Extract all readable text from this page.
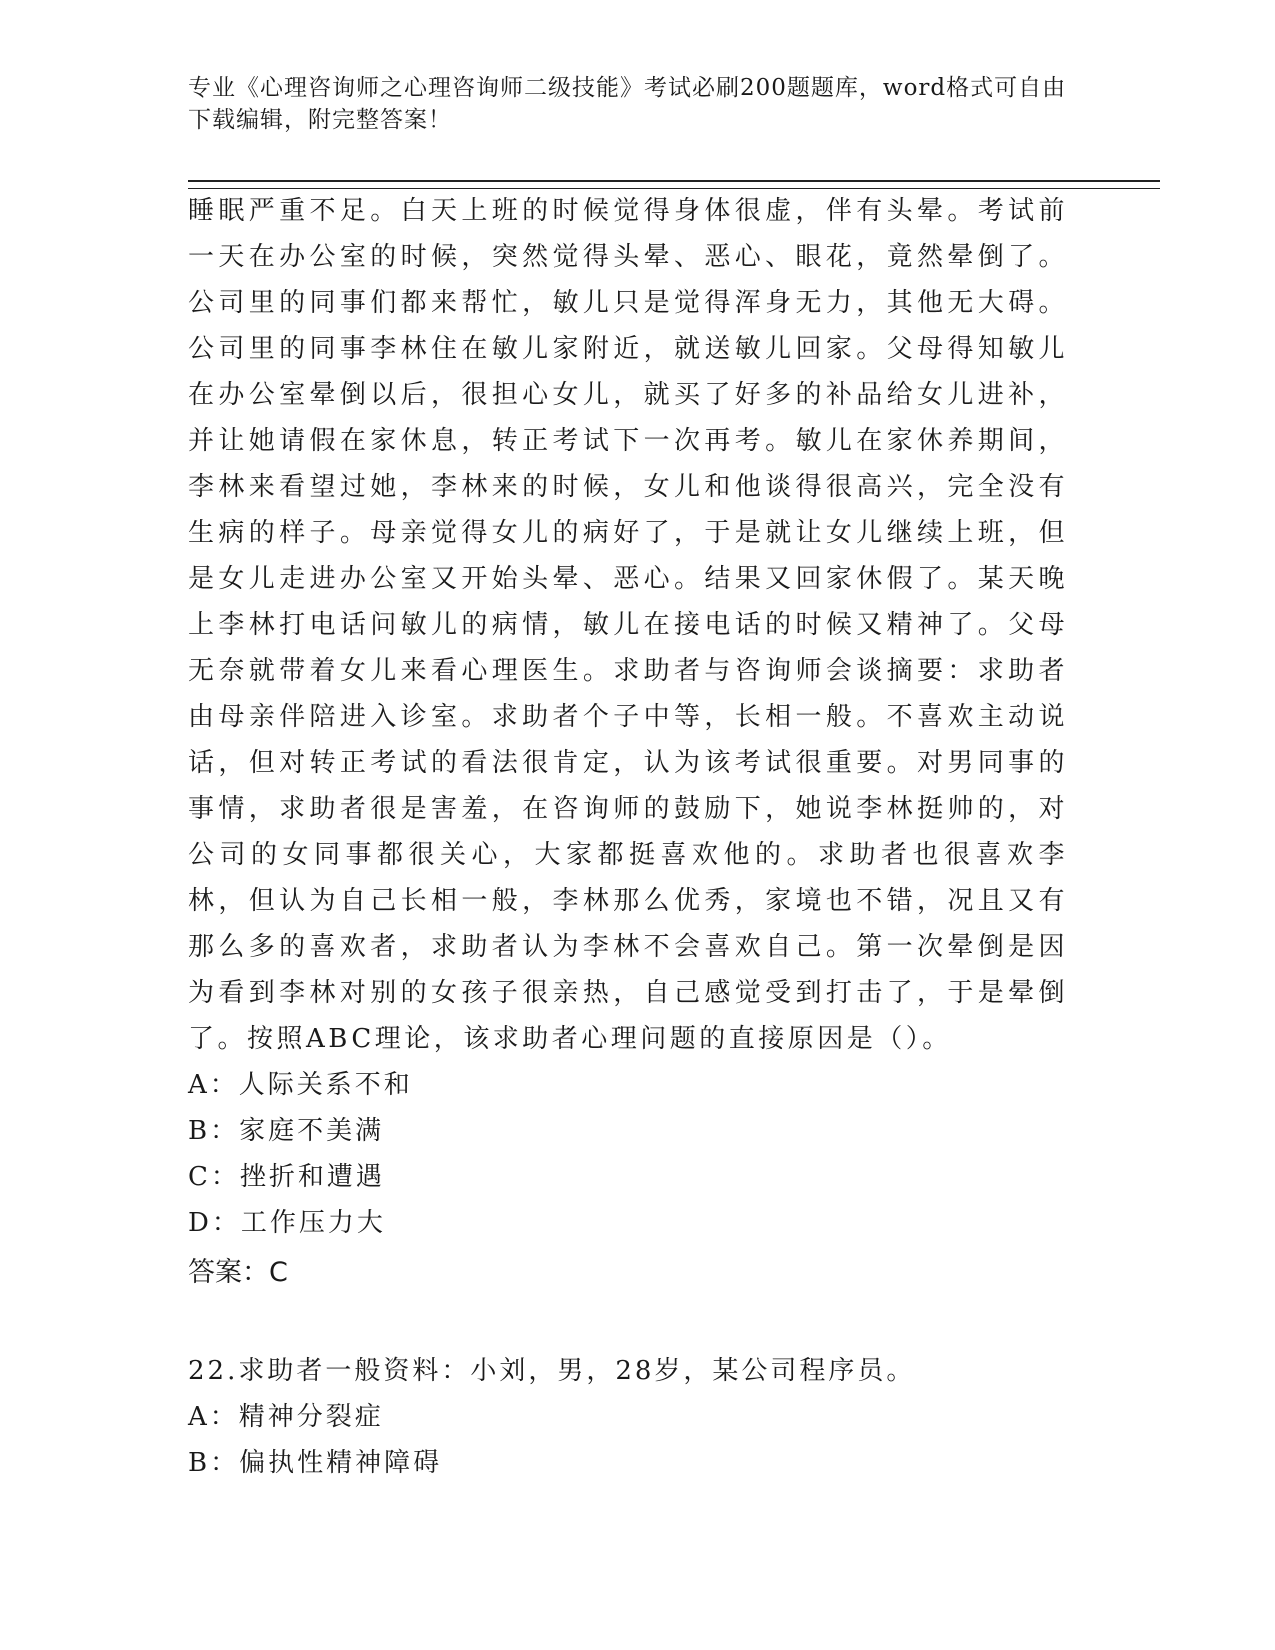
专业《心理咨询师之心理咨询师二级技能》考试必刷200题题库，word格式可自由下载编辑，附完整答案！

睡眠严重不足。白天上班的时候觉得身体很虚，伴有头晕。考试前一天在办公室的时候，突然觉得头晕、恶心、眼花，竟然晕倒了。公司里的同事们都来帮忙，敏儿只是觉得浑身无力，其他无大碍。公司里的同事李林住在敏儿家附近，就送敏儿回家。父母得知敏儿在办公室晕倒以后，很担心女儿，就买了好多的补品给女儿进补，并让她请假在家休息，转正考试下一次再考。敏儿在家休养期间，李林来看望过她，李林来的时候，女儿和他谈得很高兴，完全没有生病的样子。母亲觉得女儿的病好了，于是就让女儿继续上班，但是女儿走进办公室又开始头晕、恶心。结果又回家休假了。某天晚上李林打电话问敏儿的病情，敏儿在接电话的时候又精神了。父母无奈就带着女儿来看心理医生。求助者与咨询师会谈摘要：求助者由母亲伴陪进入诊室。求助者个子中等，长相一般。不喜欢主动说话，但对转正考试的看法很肯定，认为该考试很重要。对男同事的事情，求助者很是害羞，在咨询师的鼓励下，她说李林挺帅的，对公司的女同事都很关心，大家都挺喜欢他的。求助者也很喜欢李林，但认为自己长相一般，李林那么优秀，家境也不错，况且又有那么多的喜欢者，求助者认为李林不会喜欢自己。第一次晕倒是因为看到李林对别的女孩子很亲热，自己感觉受到打击了，于是晕倒了。按照ABC理论，该求助者心理问题的直接原因是（）。

A：人际关系不和

B：家庭不美满

C：挫折和遭遇

D：工作压力大

答案：C

22.求助者一般资料：小刘，男，28岁，某公司程序员。

A：精神分裂症

B：偏执性精神障碍
